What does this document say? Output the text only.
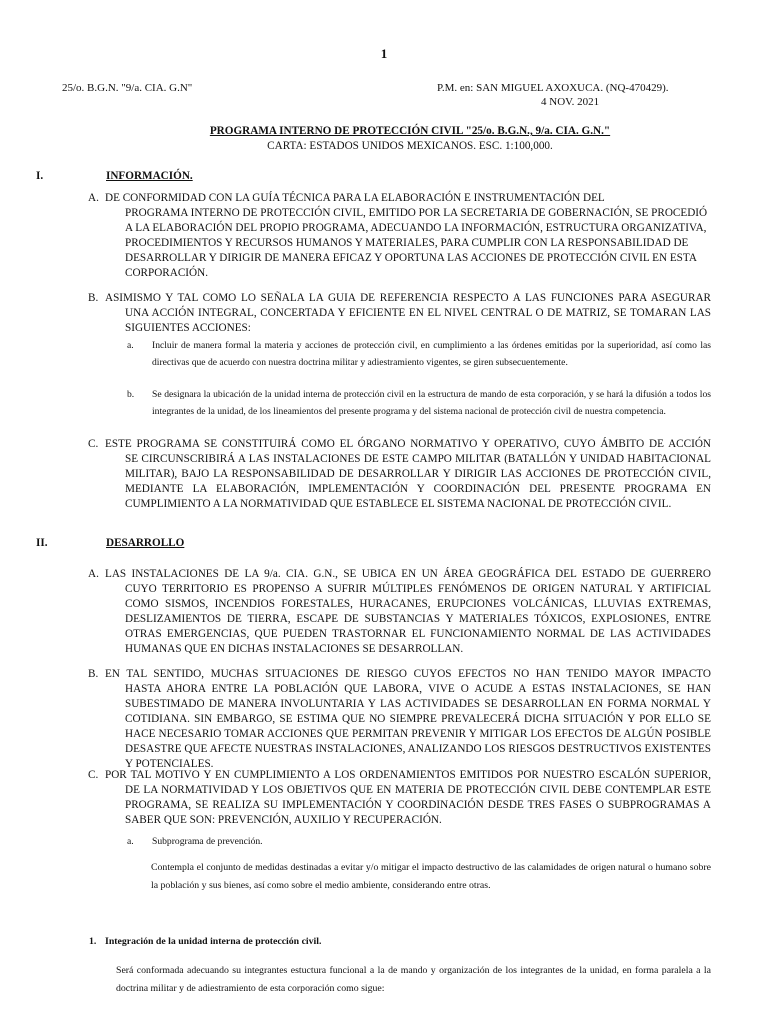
1
25/o. B.G.N. "9/a. CIA. G.N"	P.M. en: SAN MIGUEL AXOXUCA. (NQ-470429).
4 NOV. 2021
PROGRAMA INTERNO DE PROTECCIÓN CIVIL "25/o. B.G.N., 9/a. CIA. G.N."
CARTA: ESTADOS UNIDOS MEXICANOS. ESC. 1:100,000.
I.	INFORMACIÓN.
A. DE CONFORMIDAD CON LA GUÍA TÉCNICA PARA LA ELABORACIÓN E INSTRUMENTACIÓN DEL
PROGRAMA INTERNO DE PROTECCIÓN CIVIL, EMITIDO POR LA SECRETARIA DE GOBERNACIÓN, SE PROCEDIÓ A LA ELABORACIÓN DEL PROPIO PROGRAMA, ADECUANDO LA INFORMACIÓN, ESTRUCTURA ORGANIZATIVA, PROCEDIMIENTOS Y RECURSOS HUMANOS Y MATERIALES, PARA CUMPLIR CON LA RESPONSABILIDAD DE DESARROLLAR Y DIRIGIR DE MANERA EFICAZ Y OPORTUNA LAS ACCIONES DE PROTECCIÓN CIVIL EN ESTA CORPORACIÓN.
B. ASIMISMO Y TAL COMO LO SEÑALA LA GUIA DE REFERENCIA RESPECTO A LAS FUNCIONES PARA ASEGURAR
UNA ACCIÓN INTEGRAL, CONCERTADA Y EFICIENTE EN EL NIVEL CENTRAL O DE MATRIZ, SE TOMARAN LAS SIGUIENTES ACCIONES:
a. Incluir de manera formal la materia y acciones de protección civil, en cumplimiento a las órdenes emitidas por la superioridad, así como las directivas que de acuerdo con nuestra doctrina militar y adiestramiento vigentes, se giren subsecuentemente.
b. Se designara la ubicación de la unidad interna de protección civil en la estructura de mando de esta corporación, y se hará la difusión a todos los integrantes de la unidad, de los lineamientos del presente programa y del sistema nacional de protección civil de nuestra competencia.
C. ESTE PROGRAMA SE CONSTITUIRÁ COMO EL ÓRGANO NORMATIVO Y OPERATIVO, CUYO ÁMBITO DE ACCIÓN
SE CIRCUNSCRIBIRÁ A LAS INSTALACIONES DE ESTE CAMPO MILITAR (BATALLÓN Y UNIDAD HABITACIONAL MILITAR), BAJO LA RESPONSABILIDAD DE DESARROLLAR Y DIRIGIR LAS ACCIONES DE PROTECCIÓN CIVIL, MEDIANTE LA ELABORACIÓN, IMPLEMENTACIÓN Y COORDINACIÓN DEL PRESENTE PROGRAMA EN CUMPLIMIENTO A LA NORMATIVIDAD QUE ESTABLECE EL SISTEMA NACIONAL DE PROTECCIÓN CIVIL.
II.	DESARROLLO
A. LAS INSTALACIONES DE LA 9/a. CIA. G.N., SE UBICA EN UN ÁREA GEOGRÁFICA DEL ESTADO DE GUERRERO
CUYO TERRITORIO ES PROPENSO A SUFRIR MÚLTIPLES FENÓMENOS DE ORIGEN NATURAL Y ARTIFICIAL COMO SISMOS, INCENDIOS FORESTALES, HURACANES, ERUPCIONES VOLCÁNICAS, LLUVIAS EXTREMAS, DESLIZAMIENTOS DE TIERRA, ESCAPE DE SUBSTANCIAS Y MATERIALES TÓXICOS, EXPLOSIONES, ENTRE OTRAS EMERGENCIAS, QUE PUEDEN TRASTORNAR EL FUNCIONAMIENTO NORMAL DE LAS ACTIVIDADES HUMANAS QUE EN DICHAS INSTALACIONES SE DESARROLLAN.
B. EN TAL SENTIDO, MUCHAS SITUACIONES DE RIESGO CUYOS EFECTOS NO HAN TENIDO MAYOR IMPACTO
HASTA AHORA ENTRE LA POBLACIÓN QUE LABORA, VIVE O ACUDE A ESTAS INSTALACIONES, SE HAN SUBESTIMADO DE MANERA INVOLUNTARIA Y LAS ACTIVIDADES SE DESARROLLAN EN FORMA NORMAL Y COTIDIANA. SIN EMBARGO, SE ESTIMA QUE NO SIEMPRE PREVALECERÁ DICHA SITUACIÓN Y POR ELLO SE HACE NECESARIO TOMAR ACCIONES QUE PERMITAN PREVENIR Y MITIGAR LOS EFECTOS DE ALGÚN POSIBLE DESASTRE QUE AFECTE NUESTRAS INSTALACIONES, ANALIZANDO LOS RIESGOS DESTRUCTIVOS EXISTENTES Y POTENCIALES.
C. POR TAL MOTIVO Y EN CUMPLIMIENTO A LOS ORDENAMIENTOS EMITIDOS POR NUESTRO ESCALÓN SUPERIOR,
DE LA NORMATIVIDAD Y LOS OBJETIVOS QUE EN MATERIA DE PROTECCIÓN CIVIL DEBE CONTEMPLAR ESTE PROGRAMA, SE REALIZA SU IMPLEMENTACIÓN Y COORDINACIÓN DESDE TRES FASES O SUBPROGRAMAS A SABER QUE SON: PREVENCIÓN, AUXILIO Y RECUPERACIÓN.
a. Subprograma de prevención.
Contempla el conjunto de medidas destinadas a evitar y/o mitigar el impacto destructivo de las calamidades de origen natural o humano sobre la población y sus bienes, así como sobre el medio ambiente, considerando entre otras.
1. Integración de la unidad interna de protección civil.
Será conformada adecuando su integrantes estuctura funcional a la de mando y organización de los integrantes de la unidad, en forma paralela a la doctrina militar y de adiestramiento de esta corporación como sigue:
